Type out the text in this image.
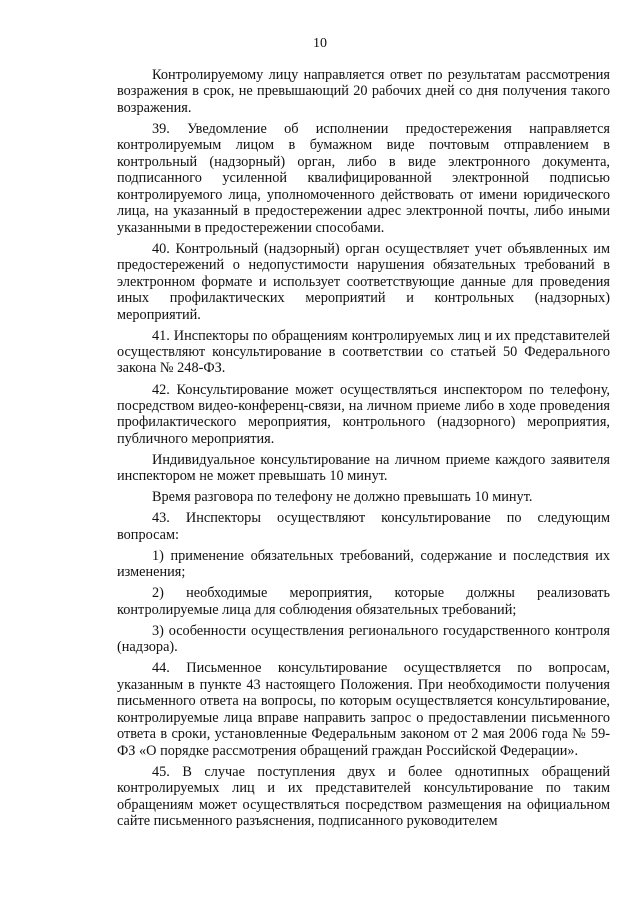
10

Контролируемому лицу направляется ответ по результатам рассмотрения возражения в срок, не превышающий 20 рабочих дней со дня получения такого возражения.

39. Уведомление об исполнении предостережения направляется контролируемым лицом в бумажном виде почтовым отправлением в контрольный (надзорный) орган, либо в виде электронного документа, подписанного усиленной квалифицированной электронной подписью контролируемого лица, уполномоченного действовать от имени юридического лица, на указанный в предостережении адрес электронной почты, либо иными указанными в предостережении способами.

40. Контрольный (надзорный) орган осуществляет учет объявленных им предостережений о недопустимости нарушения обязательных требований в электронном формате и использует соответствующие данные для проведения иных профилактических мероприятий и контрольных (надзорных) мероприятий.

41. Инспекторы по обращениям контролируемых лиц и их представителей осуществляют консультирование в соответствии со статьей 50 Федерального закона № 248-ФЗ.

42. Консультирование может осуществляться инспектором по телефону, посредством видео-конференц-связи, на личном приеме либо в ходе проведения профилактического мероприятия, контрольного (надзорного) мероприятия, публичного мероприятия.

Индивидуальное консультирование на личном приеме каждого заявителя инспектором не может превышать 10 минут.

Время разговора по телефону не должно превышать 10 минут.

43. Инспекторы осуществляют консультирование по следующим вопросам:

1) применение обязательных требований, содержание и последствия их изменения;

2) необходимые мероприятия, которые должны реализовать контролируемые лица для соблюдения обязательных требований;

3) особенности осуществления регионального государственного контроля (надзора).

44. Письменное консультирование осуществляется по вопросам, указанным в пункте 43 настоящего Положения. При необходимости получения письменного ответа на вопросы, по которым осуществляется консультирование, контролируемые лица вправе направить запрос о предоставлении письменного ответа в сроки, установленные Федеральным законом от 2 мая 2006 года № 59-ФЗ «О порядке рассмотрения обращений граждан Российской Федерации».

45. В случае поступления двух и более однотипных обращений контролируемых лиц и их представителей консультирование по таким обращениям может осуществляться посредством размещения на официальном сайте письменного разъяснения, подписанного руководителем
